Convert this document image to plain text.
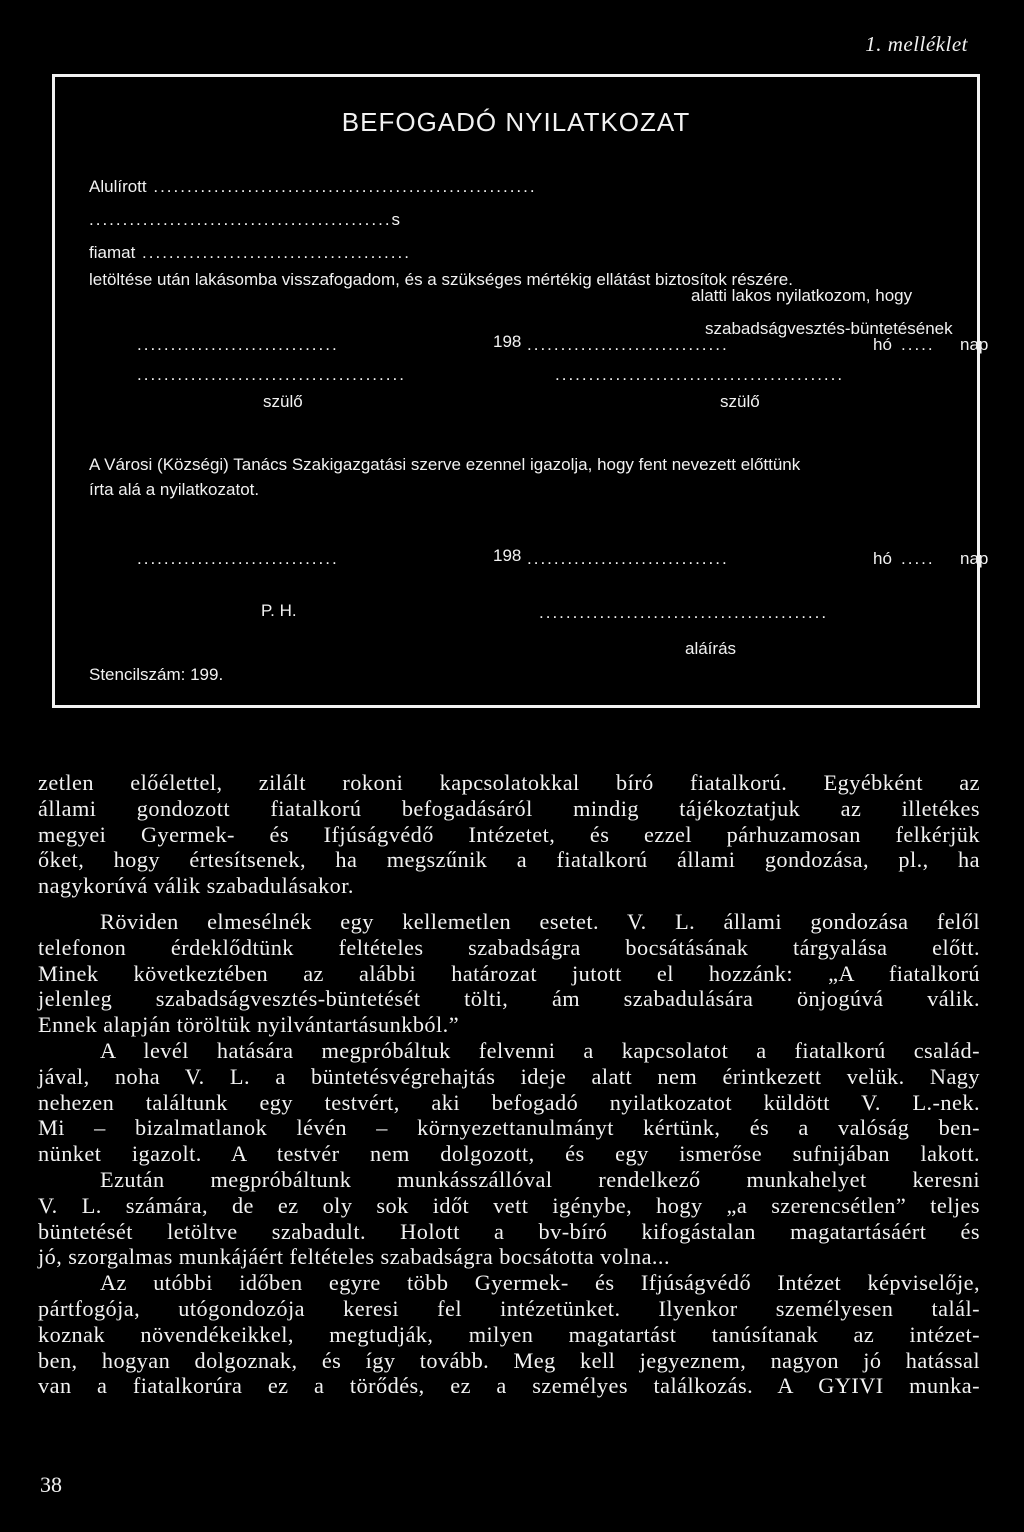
1. melléklet
BEFOGADÓ NYILATKOZAT
Alulírott .........................................................
.............................................s
alatti lakos nyilatkozom, hogy
fiamat ........................................
szabadságvesztés-büntetésének
letöltése után lakásomba visszafogadom, és a szükséges mértékig ellátást biztosítok részére.
..............................	198 ..............................	hó ..... nap
........................................	...........................................
szülő	szülő
A Városi (Községi) Tanács Szakigazgatási szerve ezennel igazolja, hogy fent nevezett előttünk
írta alá a nyilatkozatot.
..............................	198 ..............................	hó ..... nap
P. H.	...........................................
aláírás
Stencilszám: 199.

zetlen előélettel, zilált rokoni kapcsolatokkal bíró fiatalkorú. Egyébként az

állami gondozott fiatalkorú befogadásáról mindig tájékoztatjuk az illetékes

megyei Gyermek- és Ifjúságvédő Intézetet, és ezzel párhuzamosan felkérjük

őket, hogy értesítsenek, ha megszűnik a fiatalkorú állami gondozása, pl., ha

nagykorúvá válik szabadulásakor.

Röviden elmesélnék egy kellemetlen esetet. V. L. állami gondozása felől

telefonon érdeklődtünk feltételes szabadságra bocsátásának tárgyalása előtt.

Minek következtében az alábbi határozat jutott el hozzánk: „A fiatalkorú

jelenleg szabadságvesztés-büntetését tölti, ám szabadulására önjogúvá válik.

Ennek alapján töröltük nyilvántartásunkból.”

A levél hatására megpróbáltuk felvenni a kapcsolatot a fiatalkorú család-

jával, noha V. L. a büntetésvégrehajtás ideje alatt nem érintkezett velük. Nagy

nehezen találtunk egy testvért, aki befogadó nyilatkozatot küldött V. L.-nek.

Mi – bizalmatlanok lévén – környezettanulmányt kértünk, és a valóság ben-

nünket igazolt. A testvér nem dolgozott, és egy ismerőse sufnijában lakott.

Ezután megpróbáltunk munkásszállóval rendelkező munkahelyet keresni

V. L. számára, de ez oly sok időt vett igénybe, hogy „a szerencsétlen” teljes

büntetését letöltve szabadult. Holott a bv-bíró kifogástalan magatartásáért és

jó, szorgalmas munkájáért feltételes szabadságra bocsátotta volna...

Az utóbbi időben egyre több Gyermek- és Ifjúságvédő Intézet képviselője,

pártfogója, utógondozója keresi fel intézetünket. Ilyenkor személyesen talál-

koznak növendékeikkel, megtudják, milyen magatartást tanúsítanak az intézet-

ben, hogyan dolgoznak, és így tovább. Meg kell jegyeznem, nagyon jó hatással

van a fiatalkorúra ez a törődés, ez a személyes találkozás. A GYIVI munka-

38
